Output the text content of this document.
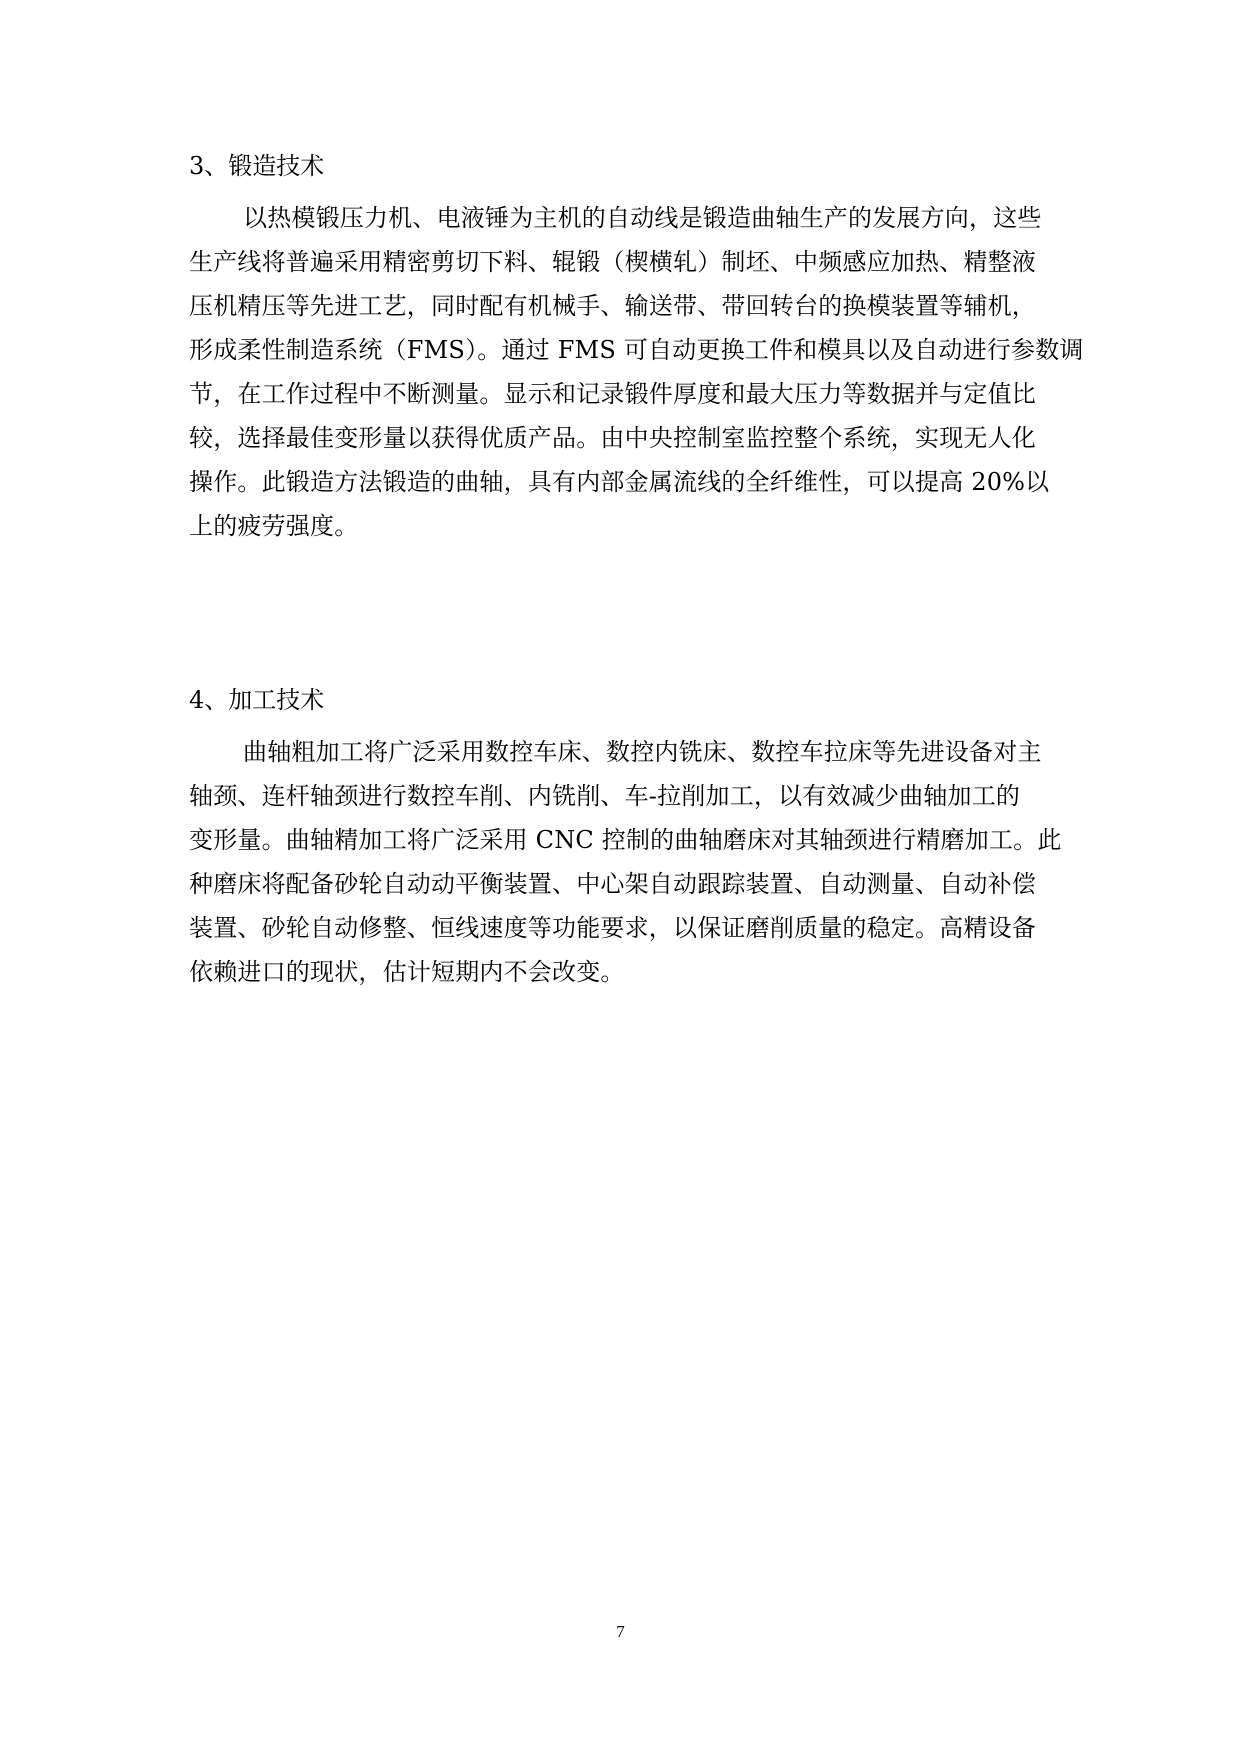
3、锻造技术
以热模锻压力机、电液锤为主机的自动线是锻造曲轴生产的发展方向，这些
生产线将普遍采用精密剪切下料、辊锻（楔横轧）制坯、中频感应加热、精整液
压机精压等先进工艺，同时配有机械手、输送带、带回转台的换模装置等辅机，
形成柔性制造系统（FMS）。通过 FMS 可自动更换工件和模具以及自动进行参数调
节，在工作过程中不断测量。显示和记录锻件厚度和最大压力等数据并与定值比
较，选择最佳变形量以获得优质产品。由中央控制室监控整个系统，实现无人化
操作。此锻造方法锻造的曲轴，具有内部金属流线的全纤维性，可以提高 20%以
上的疲劳强度。
4、加工技术
曲轴粗加工将广泛采用数控车床、数控内铣床、数控车拉床等先进设备对主
轴颈、连杆轴颈进行数控车削、内铣削、车-拉削加工，以有效减少曲轴加工的
变形量。曲轴精加工将广泛采用 CNC 控制的曲轴磨床对其轴颈进行精磨加工。此
种磨床将配备砂轮自动动平衡装置、中心架自动跟踪装置、自动测量、自动补偿
装置、砂轮自动修整、恒线速度等功能要求，以保证磨削质量的稳定。高精设备
依赖进口的现状，估计短期内不会改变。
7
